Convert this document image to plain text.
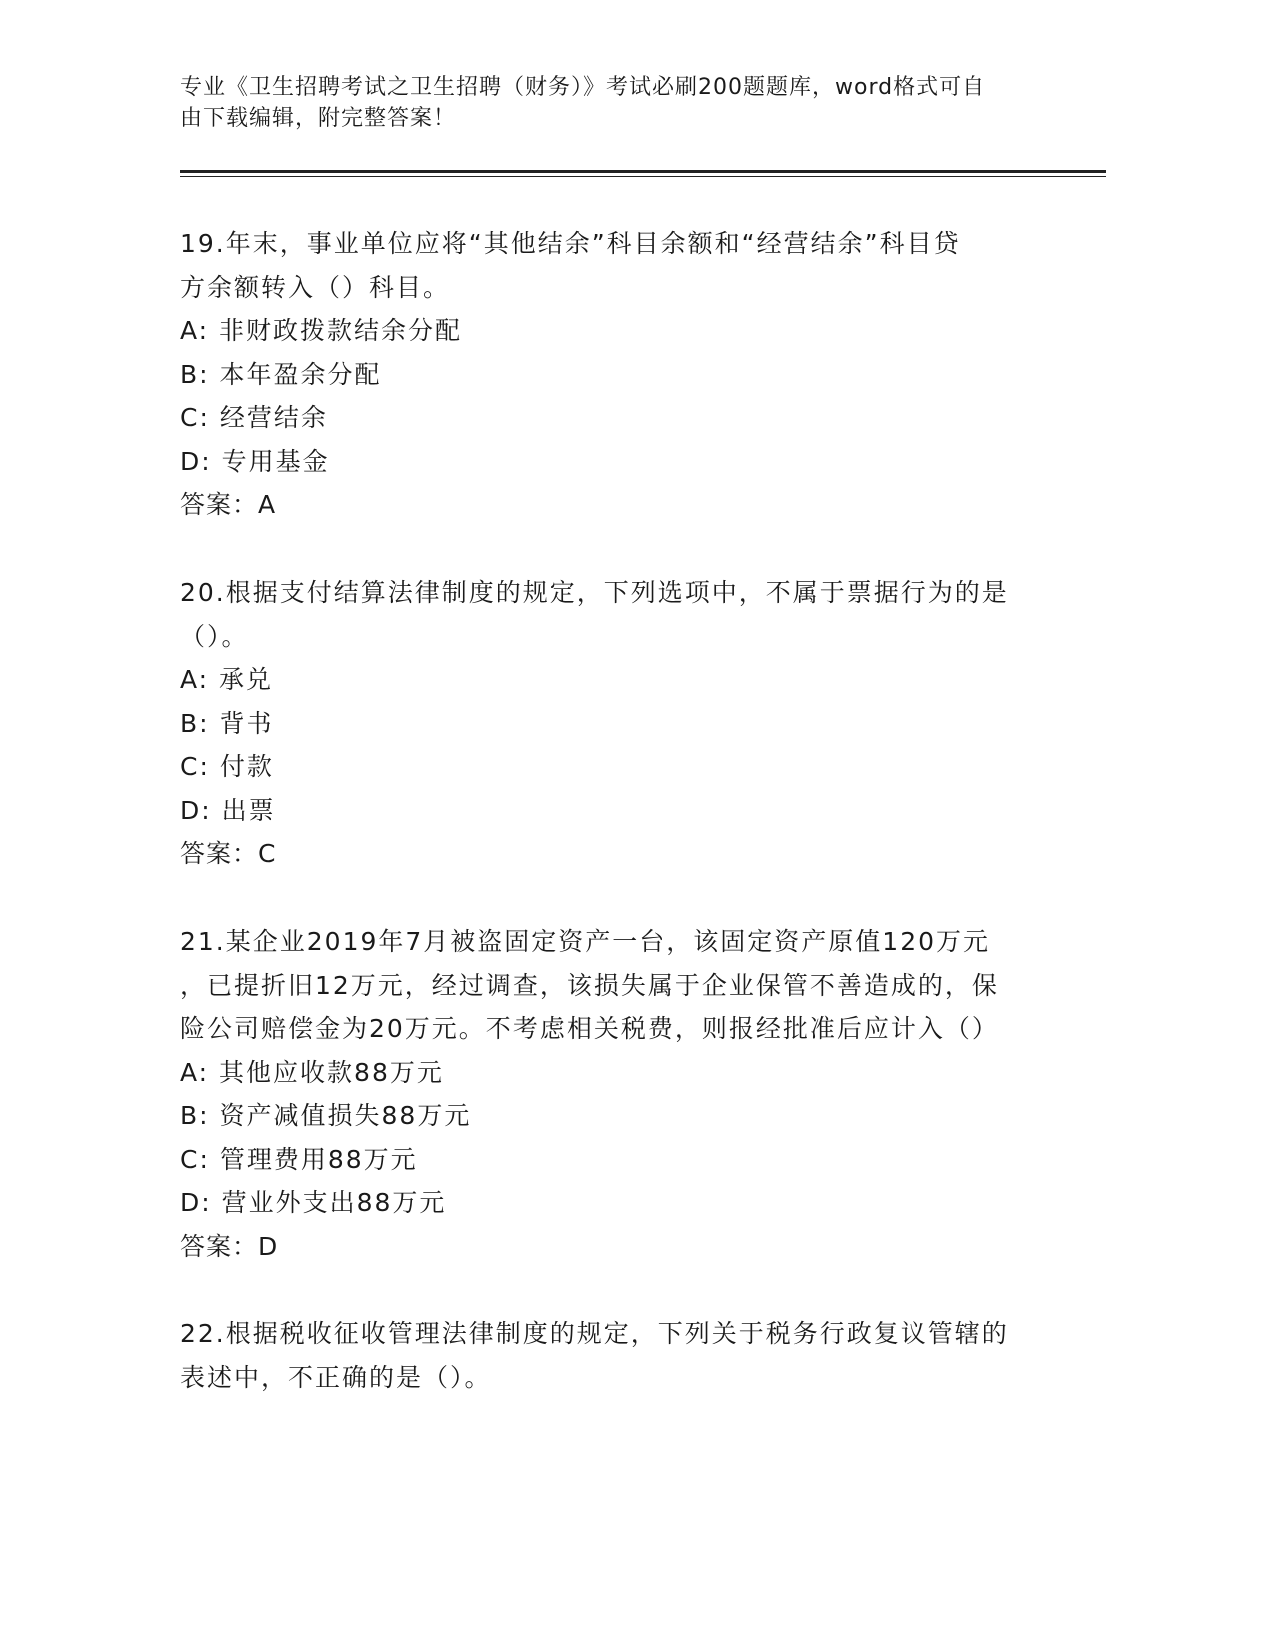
专业《卫生招聘考试之卫生招聘（财务）》考试必刷200题题库，word格式可自
由下载编辑，附完整答案！
19.年末，事业单位应将“其他结余”科目余额和“经营结余”科目贷
方余额转入（）科目。
A: 非财政拨款结余分配
B: 本年盈余分配
C: 经营结余
D: 专用基金
答案：A
20.根据支付结算法律制度的规定，下列选项中，不属于票据行为的是
（）。
A: 承兑
B: 背书
C: 付款
D: 出票
答案：C
21.某企业2019年7月被盗固定资产一台，该固定资产原值120万元
，已提折旧12万元，经过调查，该损失属于企业保管不善造成的，保
险公司赔偿金为20万元。不考虑相关税费，则报经批准后应计入（）
A: 其他应收款88万元
B: 资产减值损失88万元
C: 管理费用88万元
D: 营业外支出88万元
答案：D
22.根据税收征收管理法律制度的规定，下列关于税务行政复议管辖的
表述中，不正确的是（）。
